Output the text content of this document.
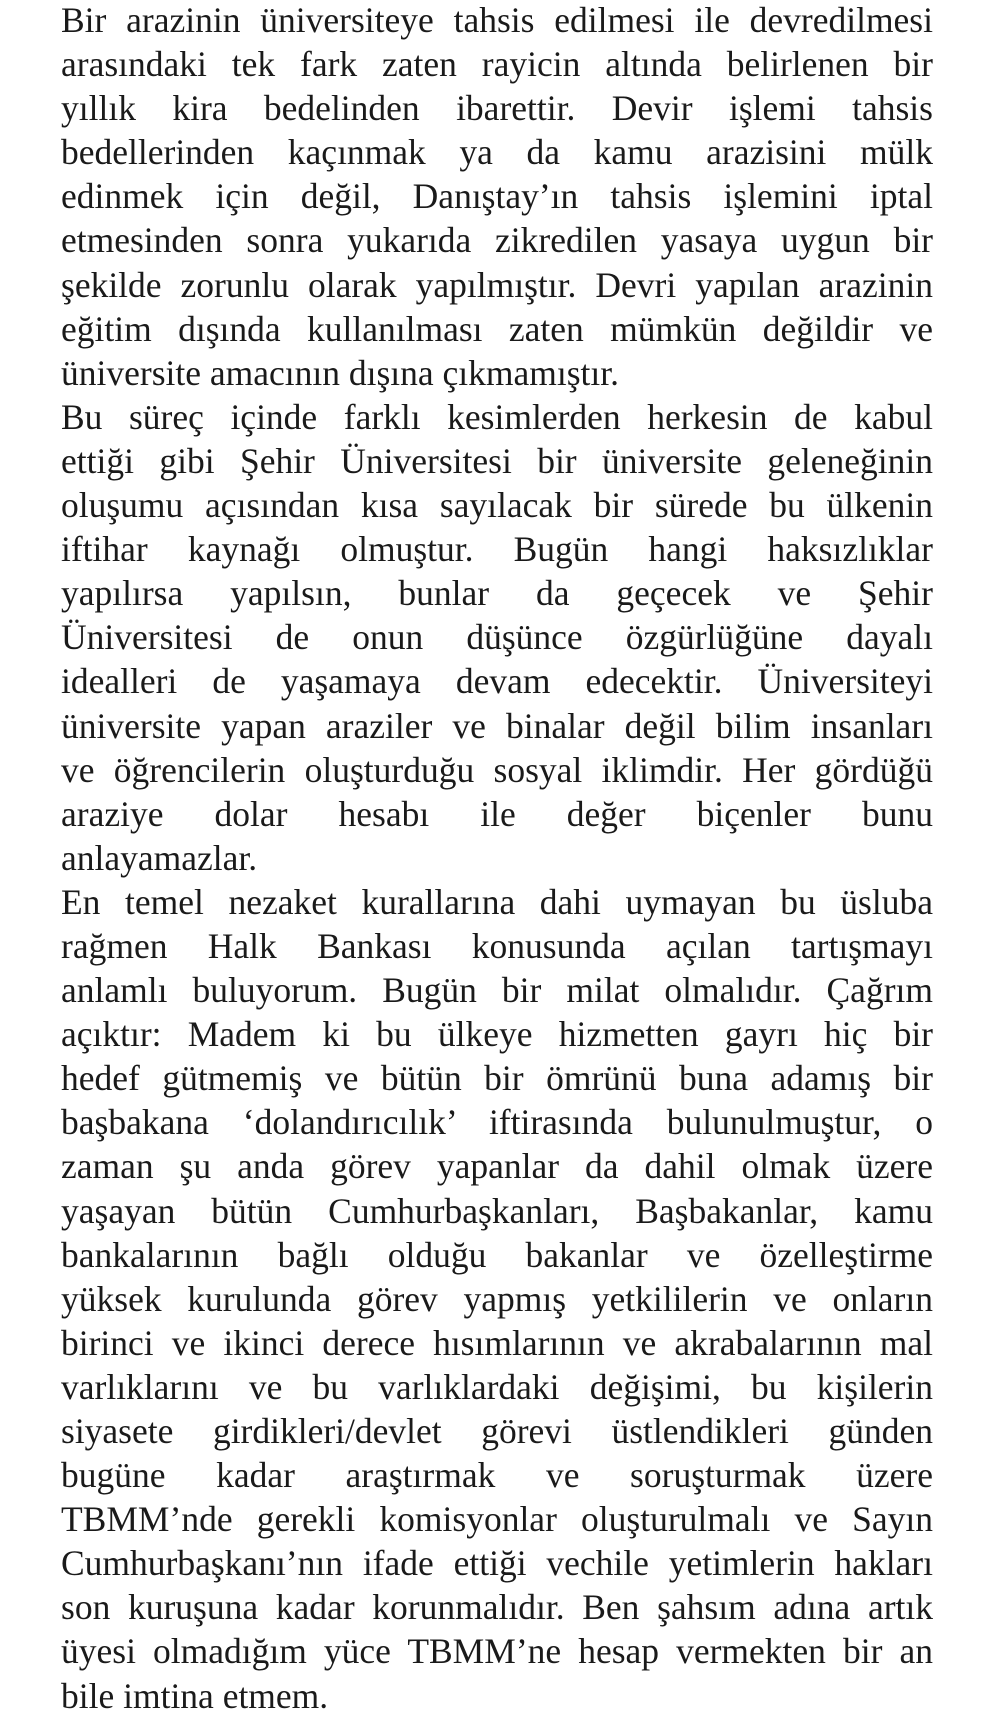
Bir arazinin üniversiteye tahsis edilmesi ile devredilmesi
arasındaki tek fark zaten rayicin altında belirlenen bir
yıllık kira bedelinden ibarettir. Devir işlemi tahsis
bedellerinden kaçınmak ya da kamu arazisini mülk
edinmek için değil, Danıştay’ın tahsis işlemini iptal
etmesinden sonra yukarıda zikredilen yasaya uygun bir
şekilde zorunlu olarak yapılmıştır. Devri yapılan arazinin
eğitim dışında kullanılması zaten mümkün değildir ve
üniversite amacının dışına çıkmamıştır.
Bu süreç içinde farklı kesimlerden herkesin de kabul
ettiği gibi Şehir Üniversitesi bir üniversite geleneğinin
oluşumu açısından kısa sayılacak bir sürede bu ülkenin
iftihar kaynağı olmuştur. Bugün hangi haksızlıklar
yapılırsa yapılsın, bunlar da geçecek ve Şehir
Üniversitesi de onun düşünce özgürlüğüne dayalı
idealleri de yaşamaya devam edecektir. Üniversiteyi
üniversite yapan araziler ve binalar değil bilim insanları
ve öğrencilerin oluşturduğu sosyal iklimdir. Her gördüğü
araziye dolar hesabı ile değer biçenler bunu
anlayamazlar.
En temel nezaket kurallarına dahi uymayan bu üsluba
rağmen Halk Bankası konusunda açılan tartışmayı
anlamlı buluyorum. Bugün bir milat olmalıdır. Çağrım
açıktır: Madem ki bu ülkeye hizmetten gayrı hiç bir
hedef gütmemiş ve bütün bir ömrünü buna adamış bir
başbakana ‘dolandırıcılık’ iftirasında bulunulmuştur, o
zaman şu anda görev yapanlar da dahil olmak üzere
yaşayan bütün Cumhurbaşkanları, Başbakanlar, kamu
bankalarının bağlı olduğu bakanlar ve özelleştirme
yüksek kurulunda görev yapmış yetkililerin ve onların
birinci ve ikinci derece hısımlarının ve akrabalarının mal
varlıklarını ve bu varlıklardaki değişimi, bu kişilerin
siyasete girdikleri/devlet görevi üstlendikleri günden
bugüne kadar araştırmak ve soruşturmak üzere
TBMM’nde gerekli komisyonlar oluşturulmalı ve Sayın
Cumhurbaşkanı’nın ifade ettiği vechile yetimlerin hakları
son kuruşuna kadar korunmalıdır. Ben şahsım adına artık
üyesi olmadığım yüce TBMM’ne hesap vermekten bir an
bile imtina etmem.
